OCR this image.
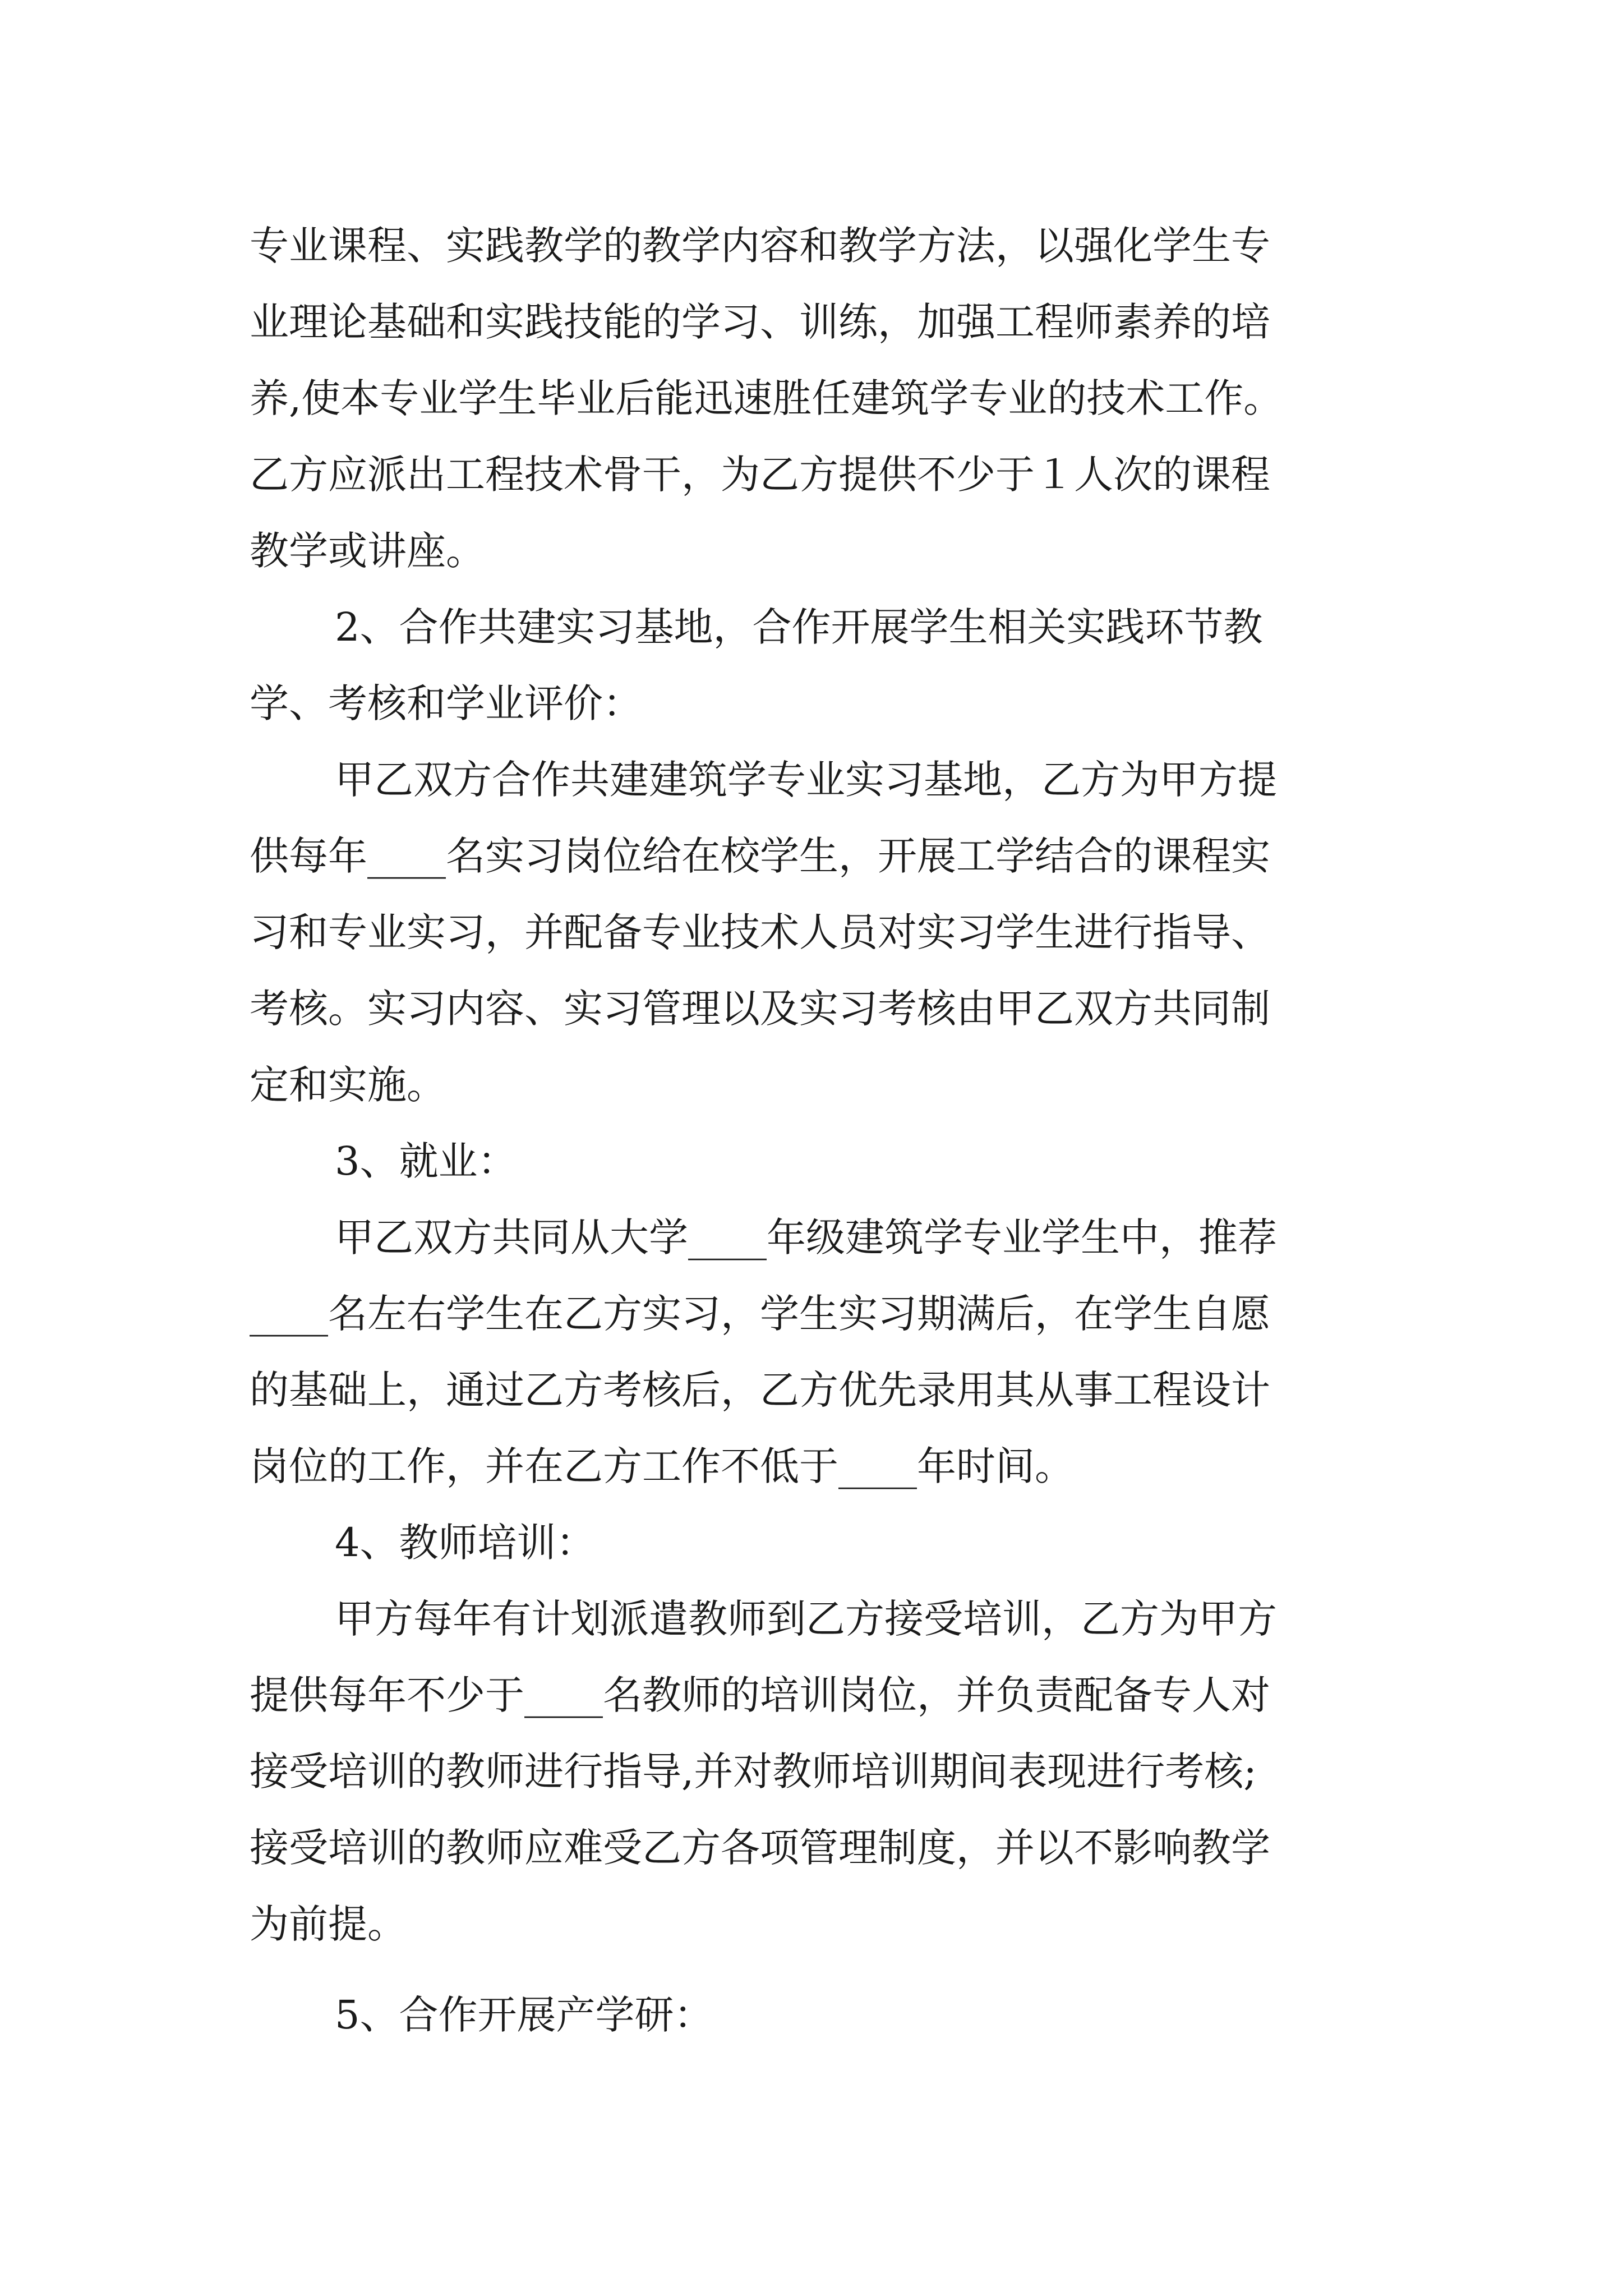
专业课程、实践教学的教学内容和教学方法，以强化学生专
业理论基础和实践技能的学习、训练，加强工程师素养的培
养,使本专业学生毕业后能迅速胜任建筑学专业的技术工作。
乙方应派出工程技术骨干，为乙方提供不少于１人次的课程
教学或讲座。
2、合作共建实习基地，合作开展学生相关实践环节教
学、考核和学业评价：
甲乙双方合作共建建筑学专业实习基地，乙方为甲方提
供每年____名实习岗位给在校学生，开展工学结合的课程实
习和专业实习，并配备专业技术人员对实习学生进行指导、
考核。实习内容、实习管理以及实习考核由甲乙双方共同制
定和实施。
3、就业：
甲乙双方共同从大学____年级建筑学专业学生中，推荐
____名左右学生在乙方实习，学生实习期满后，在学生自愿
的基础上，通过乙方考核后，乙方优先录用其从事工程设计
岗位的工作，并在乙方工作不低于____年时间。
4、教师培训：
甲方每年有计划派遣教师到乙方接受培训，乙方为甲方
提供每年不少于____名教师的培训岗位，并负责配备专人对
接受培训的教师进行指导,并对教师培训期间表现进行考核;
接受培训的教师应难受乙方各项管理制度，并以不影响教学
为前提。
5、合作开展产学研：
